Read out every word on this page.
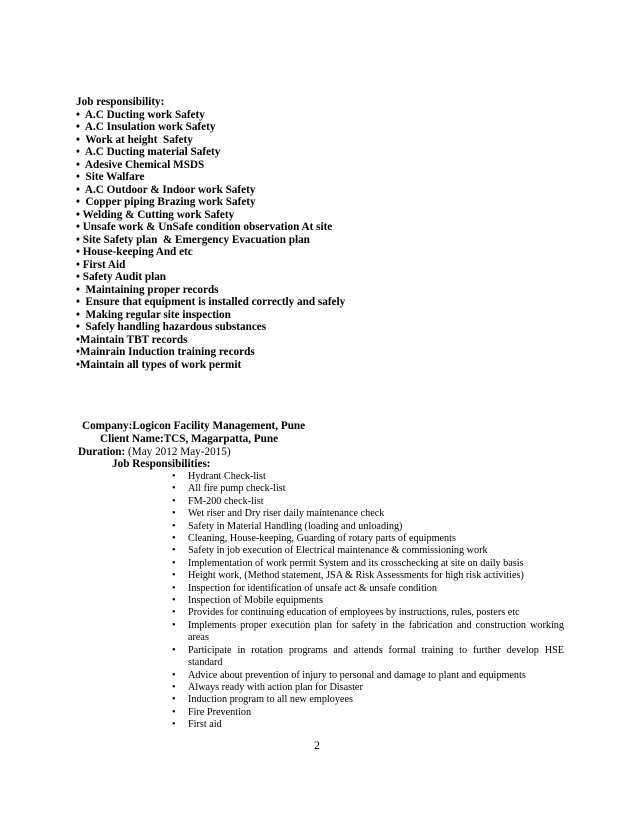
Job responsibility:
•  A.C Ducting work Safety
•  A.C Insulation work Safety
•  Work at height  Safety
•  A.C Ducting material Safety
•  Adesive Chemical MSDS
•  Site Walfare
•  A.C Outdoor & Indoor work Safety
•  Copper piping Brazing work Safety
• Welding & Cutting work Safety
• Unsafe work & UnSafe condition observation At site
• Site Safety plan  & Emergency Evacuation plan
• House-keeping And etc
• First Aid
• Safety Audit plan
•  Maintaining proper records
•  Ensure that equipment is installed correctly and safely
•  Making regular site inspection
•  Safely handling hazardous substances
•Maintain TBT records
•Mainrain Induction training records
•Maintain all types of work permit
Company:Logicon Facility Management, Pune
Client Name:TCS, Magarpatta, Pune
Duration: (May 2012 May-2015)
Job Responsibilities:
• Hydrant Check-list
• All fire pump check-list
• FM-200 check-list
• Wet riser and Dry riser daily maintenance check
• Safety in Material Handling (loading and unloading)
• Cleaning, House-keeping, Guarding of rotary parts of equipments
• Safety in job execution of Electrical maintenance & commissioning work
• Implementation of work permit System and its crosschecking at site on daily basis
• Height work, (Method statement, JSA & Risk Assessments for high risk activities)
• Inspection for identification of unsafe act & unsafe condition
• Inspection of Mobile equipments
• Provides for continuing education of employees by instructions, rules, posters etc
• Implements proper execution plan for safety in the fabrication and construction working areas
• Participate in rotation programs and attends formal training to further develop HSE standard
• Advice about prevention of injury to personal and damage to plant and equipments
• Always ready with action plan for Disaster
• Induction program to all new employees
• Fire Prevention
• First aid
2
